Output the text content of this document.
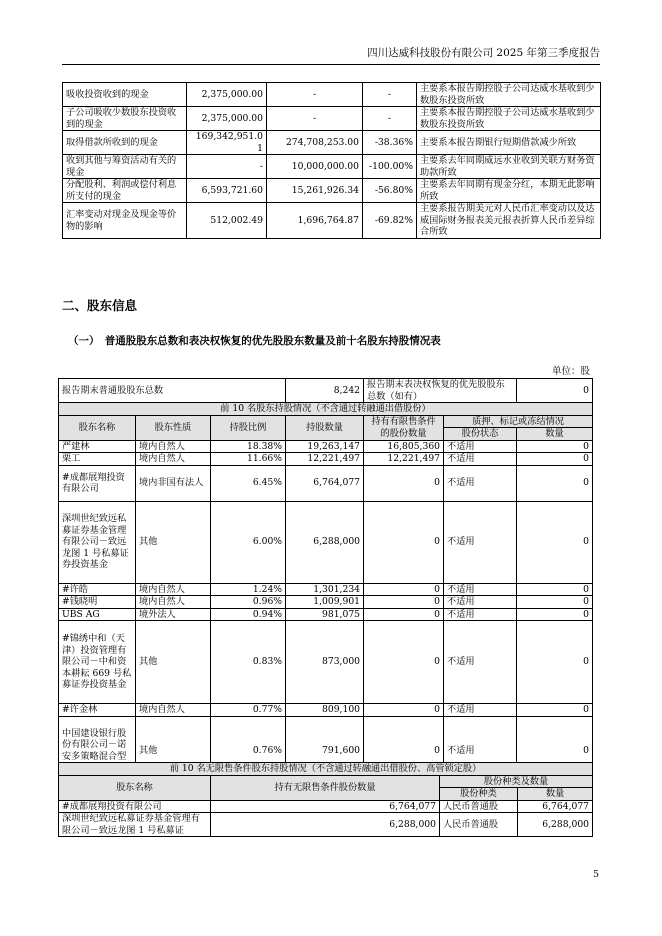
四川达威科技股份有限公司 2025 年第三季度报告
吸收投资收到的现金	2,375,000.00	-	-	主要系本报告期控股子公司达威水基收到少数股东投资所致
子公司吸收少数股东投资收到的现金	2,375,000.00	-	-	主要系本报告期控股子公司达威水基收到少数股东投资所致
取得借款所收到的现金	169,342,951.01	274,708,253.00	-38.36%	主要系本报告期银行短期借款减少所致
收到其他与筹资活动有关的现金	-	10,000,000.00	-100.00%	主要系去年同期威远水业收到关联方财务资助款所致
分配股利、利润或偿付利息所支付的现金	6,593,721.60	15,261,926.34	-56.80%	主要系去年同期有现金分红，本期无此影响所致
汇率变动对现金及现金等价物的影响	512,002.49	1,696,764.87	-69.82%	主要系报告期美元对人民币汇率变动以及达威国际财务报表美元报表折算人民币差异综合所致
二、股东信息
（一）　普通股股东总数和表决权恢复的优先股股东数量及前十名股东持股情况表
单位：股
报告期末普通股股东总数			8,242	报告期末表决权恢复的优先股股东总数（如有）		0
前 10 名股东持股情况（不含通过转融通出借股份）						
股东名称	股东性质	持股比例	持股数量	持有有限售条件的股份数量	质押、标记或冻结情况	
					股份状态	数量
严建林	境内自然人	18.38%	19,263,147	16,805,360	不适用	0
栗工	境内自然人	11.66%	12,221,497	12,221,497	不适用	0
#成都展翔投资有限公司	境内非国有法人	6.45%	6,764,077	0	不适用	0
深圳世纪致远私募证券基金管理有限公司－致远龙图 1 号私募证券投资基金	其他	6.00%	6,288,000	0	不适用	0
#许皓	境内自然人	1.24%	1,301,234	0	不适用	0
#钱晓明	境内自然人	0.96%	1,009,901	0	不适用	0
UBS AG	境外法人	0.94%	981,075	0	不适用	0
#锦绣中和（天津）投资管理有限公司－中和资本耕耘 669 号私募证券投资基金	其他	0.83%	873,000	0	不适用	0
#许金林	境内自然人	0.77%	809,100	0	不适用	0
中国建设银行股份有限公司－诺安多策略混合型	其他	0.76%	791,600	0	不适用	0
前 10 名无限售条件股东持股情况（不含通过转融通出借股份、高管锁定股）			
股东名称	持有无限售条件股份数量	股份种类及数量	
		股份种类	数量
#成都展翔投资有限公司	6,764,077	人民币普通股	6,764,077
深圳世纪致远私募证券基金管理有限公司－致远龙图 1 号私募证	6,288,000	人民币普通股	6,288,000
5
